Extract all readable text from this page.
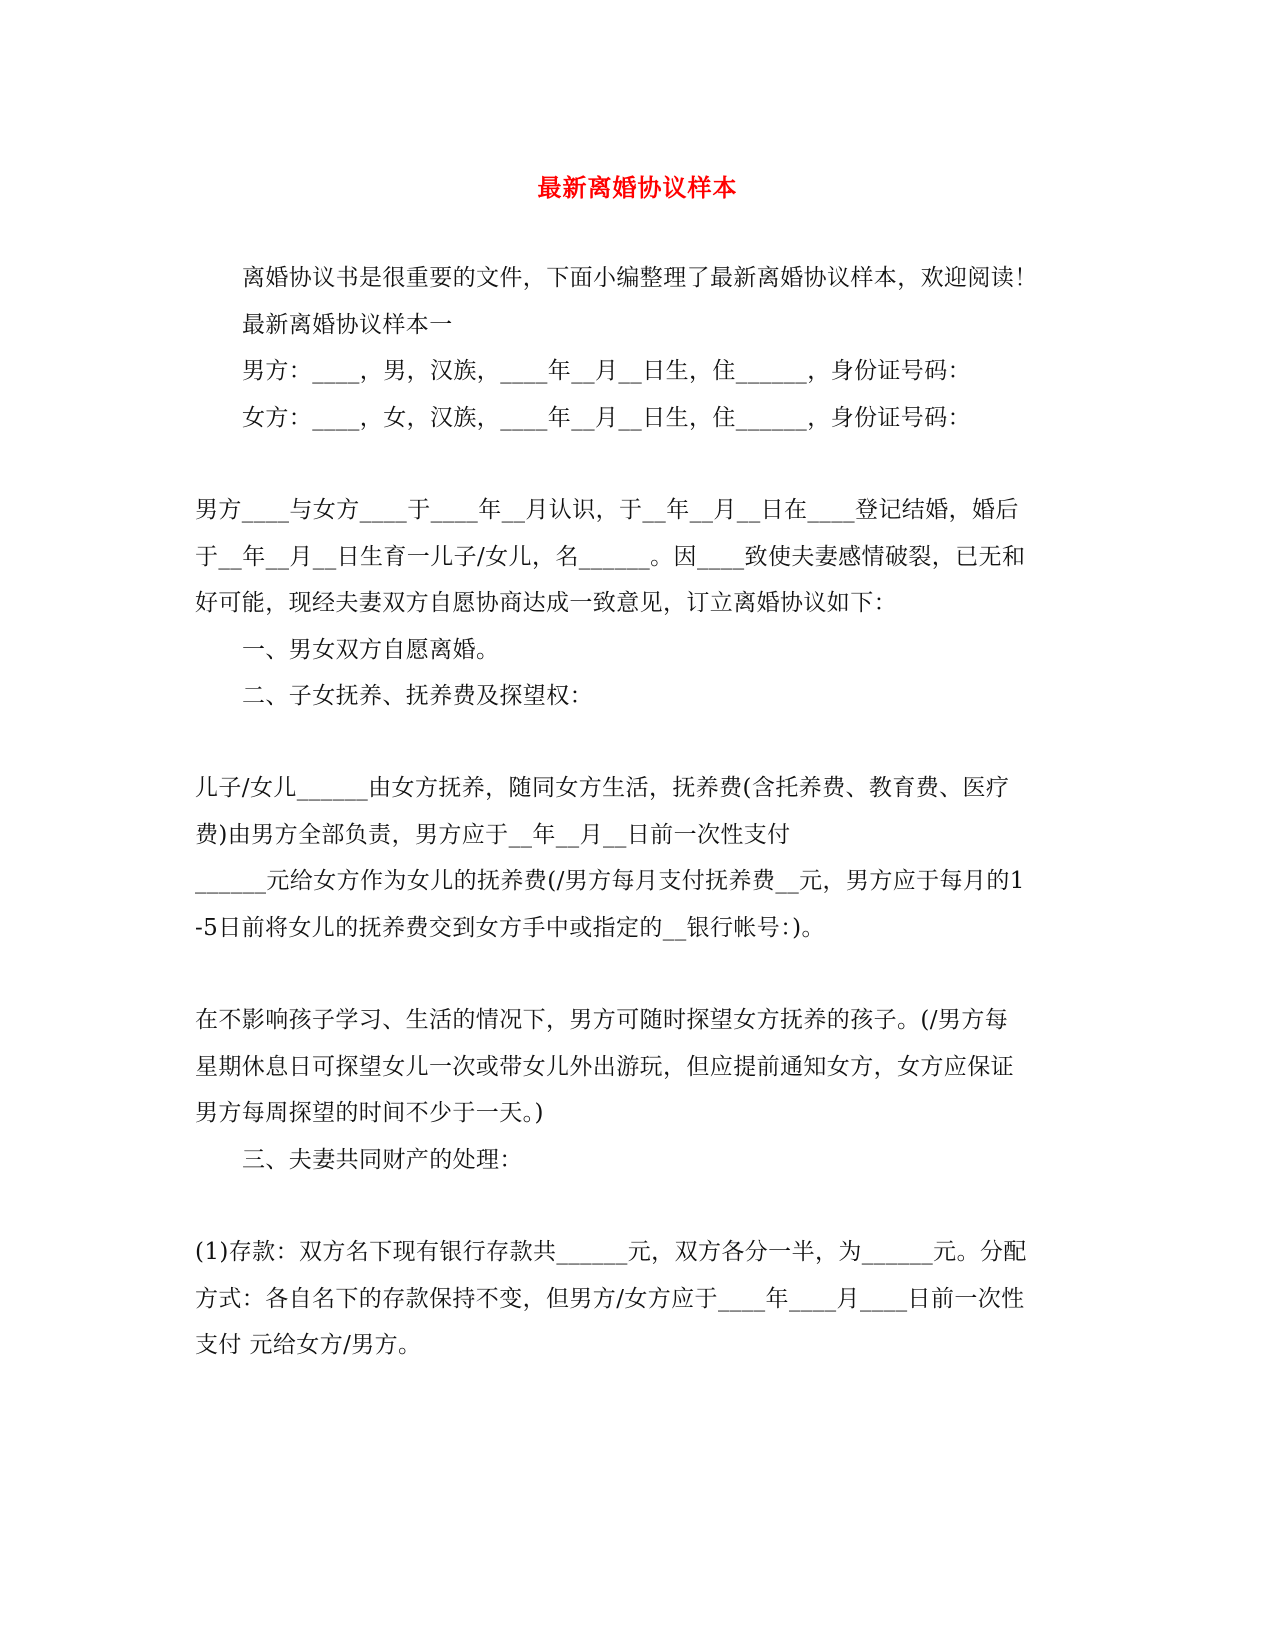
最新离婚协议样本
离婚协议书是很重要的文件，下面小编整理了最新离婚协议样本，欢迎阅读！
最新离婚协议样本一
男方：____，男，汉族，____年__月__日生，住______，身份证号码：
女方：____，女，汉族，____年__月__日生，住______，身份证号码：
男方____与女方____于____年__月认识，于__年__月__日在____登记结婚，婚后
于__年__月__日生育一儿子/女儿，名______。因____致使夫妻感情破裂，已无和
好可能，现经夫妻双方自愿协商达成一致意见，订立离婚协议如下：
一、男女双方自愿离婚。
二、子女抚养、抚养费及探望权：
儿子/女儿______由女方抚养，随同女方生活，抚养费(含托养费、教育费、医疗
费)由男方全部负责，男方应于__年__月__日前一次性支付
______元给女方作为女儿的抚养费(/男方每月支付抚养费__元，男方应于每月的1
-5日前将女儿的抚养费交到女方手中或指定的__银行帐号：)。
在不影响孩子学习、生活的情况下，男方可随时探望女方抚养的孩子。(/男方每
星期休息日可探望女儿一次或带女儿外出游玩，但应提前通知女方，女方应保证
男方每周探望的时间不少于一天。)
三、夫妻共同财产的处理：
(1)存款：双方名下现有银行存款共______元，双方各分一半，为______元。分配
方式：各自名下的存款保持不变，但男方/女方应于____年____月____日前一次性
支付 元给女方/男方。
